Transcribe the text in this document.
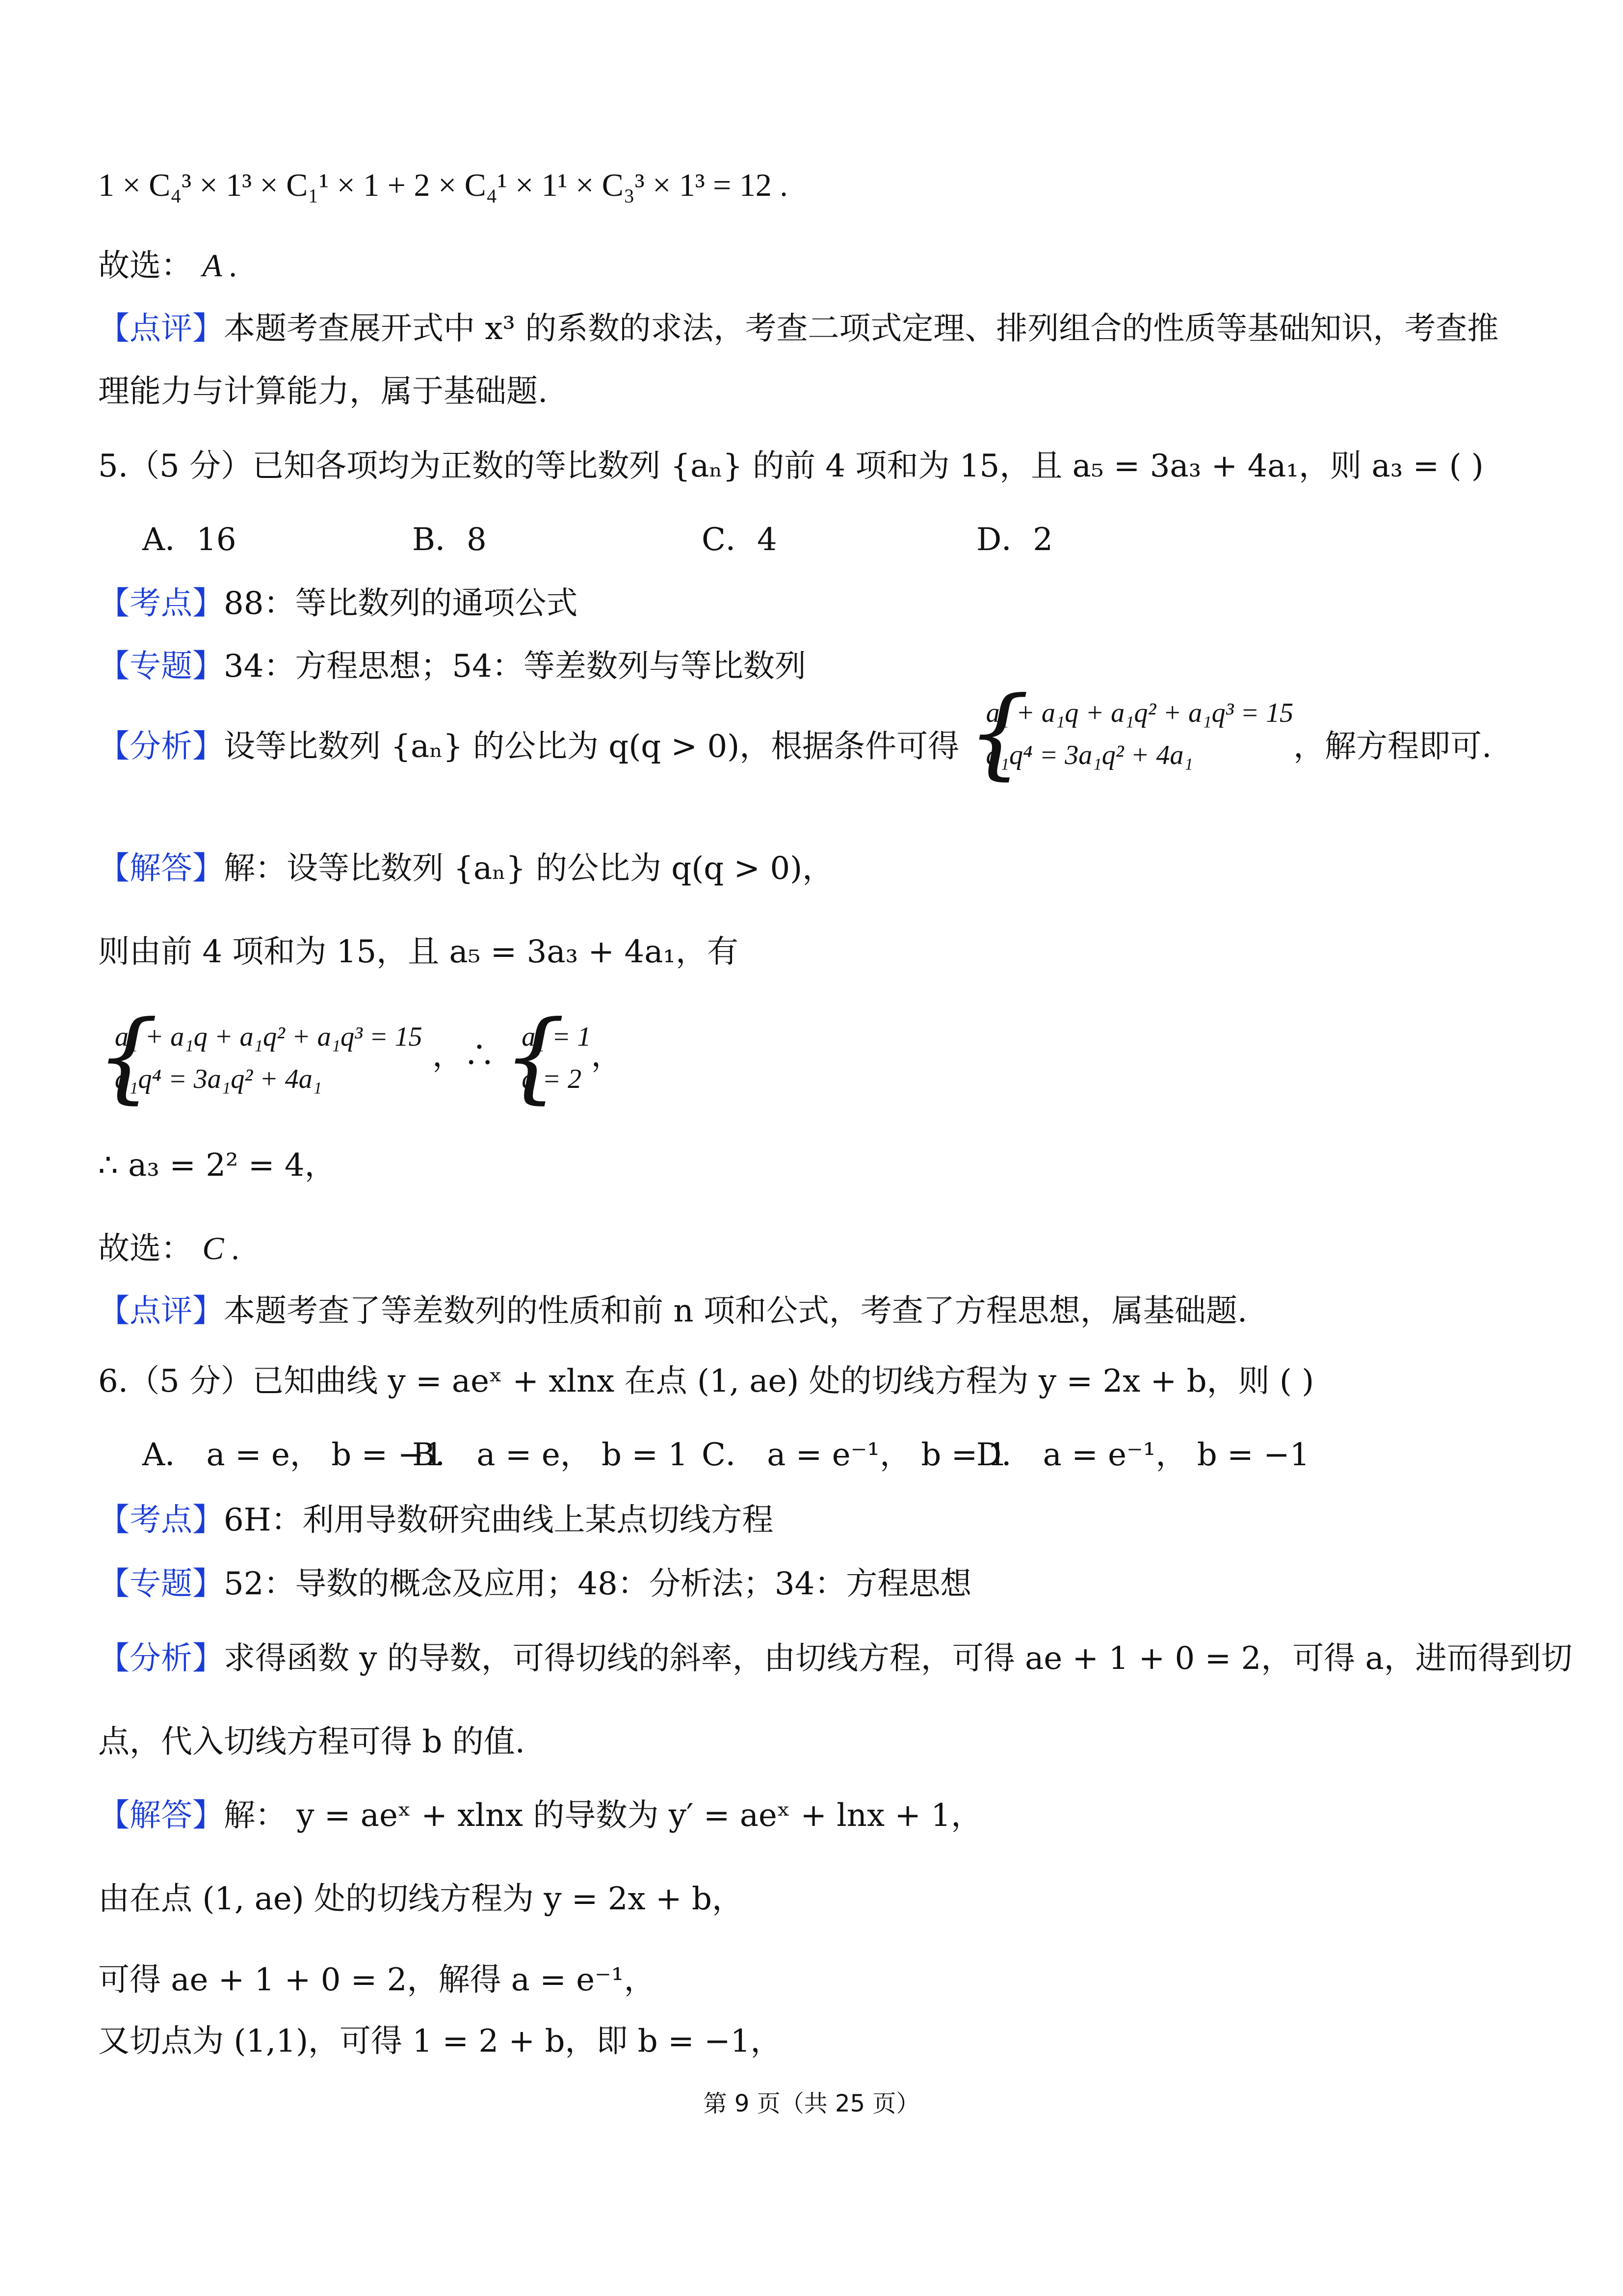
1 × C₄³ × 1³ × C₁¹ × 1 + 2 × C₄¹ × 1¹ × C₃³ × 1³ = 12 .
故选： A .
【点评】本题考查展开式中 x³ 的系数的求法，考查二项式定理、排列组合的性质等基础知识，考查推
理能力与计算能力，属于基础题.
5.（5 分）已知各项均为正数的等比数列 {aₙ} 的前 4 项和为 15，且 a₅ = 3a₃ + 4a₁，则 a₃ = ( )
A．16	B．8	C．4	D．2
【考点】88：等比数列的通项公式
【专题】34：方程思想；54：等差数列与等比数列
【分析】设等比数列 {aₙ} 的公比为 q(q > 0)，根据条件可得
{ a₁ + a₁q + a₁q² + a₁q³ = 15
a₁q⁴ = 3a₁q² + 4a₁	，解方程即可.
【解答】解：设等比数列 {aₙ} 的公比为 q(q > 0)，
则由前 4 项和为 15，且 a₅ = 3a₃ + 4a₁，有
{ a₁ + a₁q + a₁q² + a₁q³ = 15
a₁q⁴ = 3a₁q² + 4a₁
，∴
{ a₁ = 1
q = 2
，
∴ a₃ = 2² = 4，
故选： C .
【点评】本题考查了等差数列的性质和前 n 项和公式，考查了方程思想，属基础题.
6.（5 分）已知曲线 y = aeˣ + xlnx 在点 (1, ae) 处的切线方程为 y = 2x + b，则 ( )
A． a = e， b = −1
B． a = e， b = 1 C． a = e⁻¹， b = 1
D． a = e⁻¹， b = −1
【考点】6H：利用导数研究曲线上某点切线方程
【专题】52：导数的概念及应用；48：分析法；34：方程思想
【分析】求得函数 y 的导数，可得切线的斜率，由切线方程，可得 ae + 1 + 0 = 2，可得 a，进而得到切
点，代入切线方程可得 b 的值.
【解答】解： y = aeˣ + xlnx 的导数为 y′ = aeˣ + lnx + 1，
由在点 (1, ae) 处的切线方程为 y = 2x + b，
可得 ae + 1 + 0 = 2，解得 a = e⁻¹，
又切点为 (1,1)，可得 1 = 2 + b，即 b = −1，
第 9 页（共 25 页）
